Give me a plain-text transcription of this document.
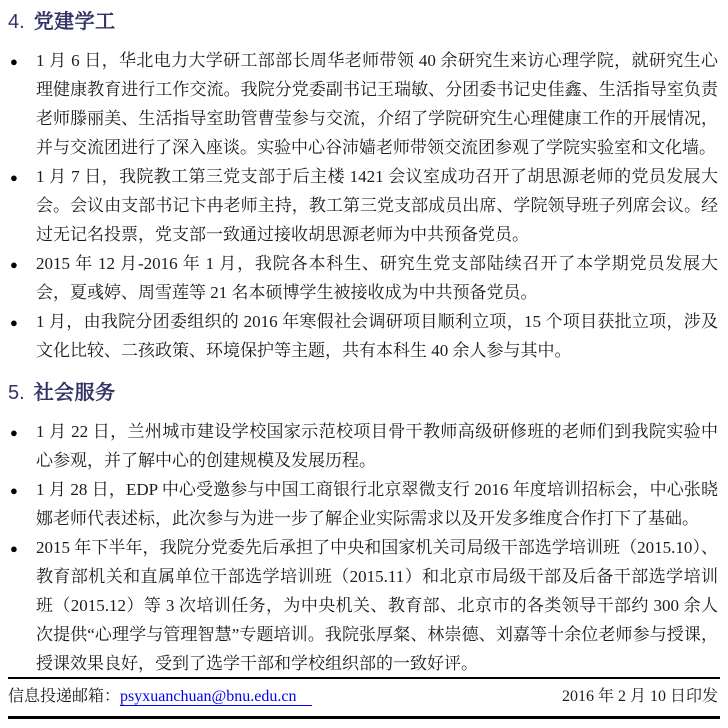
4. 党建学工
● 1 月 6 日，华北电力大学研工部部长周华老师带领 40 余研究生来访心理学院，就研究生心理健康教育进行工作交流。我院分党委副书记王瑞敏、分团委书记史佳鑫、生活指导室负责老师滕丽美、生活指导室助管曹莹参与交流，介绍了学院研究生心理健康工作的开展情况，并与交流团进行了深入座谈。实验中心谷沛嫱老师带领交流团参观了学院实验室和文化墙。
● 1 月 7 日，我院教工第三党支部于后主楼 1421 会议室成功召开了胡思源老师的党员发展大会。会议由支部书记卞冉老师主持，教工第三党支部成员出席、学院领导班子列席会议。经过无记名投票，党支部一致通过接收胡思源老师为中共预备党员。
● 2015 年 12 月-2016 年 1 月，我院各本科生、研究生党支部陆续召开了本学期党员发展大会，夏彧婷、周雪莲等 21 名本硕博学生被接收成为中共预备党员。
● 1 月，由我院分团委组织的 2016 年寒假社会调研项目顺利立项，15 个项目获批立项，涉及文化比较、二孩政策、环境保护等主题，共有本科生 40 余人参与其中。
5. 社会服务
● 1 月 22 日，兰州城市建设学校国家示范校项目骨干教师高级研修班的老师们到我院实验中心参观，并了解中心的创建规模及发展历程。
● 1 月 28 日，EDP 中心受邀参与中国工商银行北京翠微支行 2016 年度培训招标会，中心张晓娜老师代表述标，此次参与为进一步了解企业实际需求以及开发多维度合作打下了基础。
● 2015 年下半年，我院分党委先后承担了中央和国家机关司局级干部选学培训班（2015.10）、教育部机关和直属单位干部选学培训班（2015.11）和北京市局级干部及后备干部选学培训班（2015.12）等 3 次培训任务，为中央机关、教育部、北京市的各类领导干部约 300 余人次提供“心理学与管理智慧”专题培训。我院张厚粲、林崇德、刘嘉等十余位老师参与授课，授课效果良好，受到了选学干部和学校组织部的一致好评。
信息投递邮箱：psyxuanchuan@bnu.edu.cn	2016 年 2 月 10 日印发
